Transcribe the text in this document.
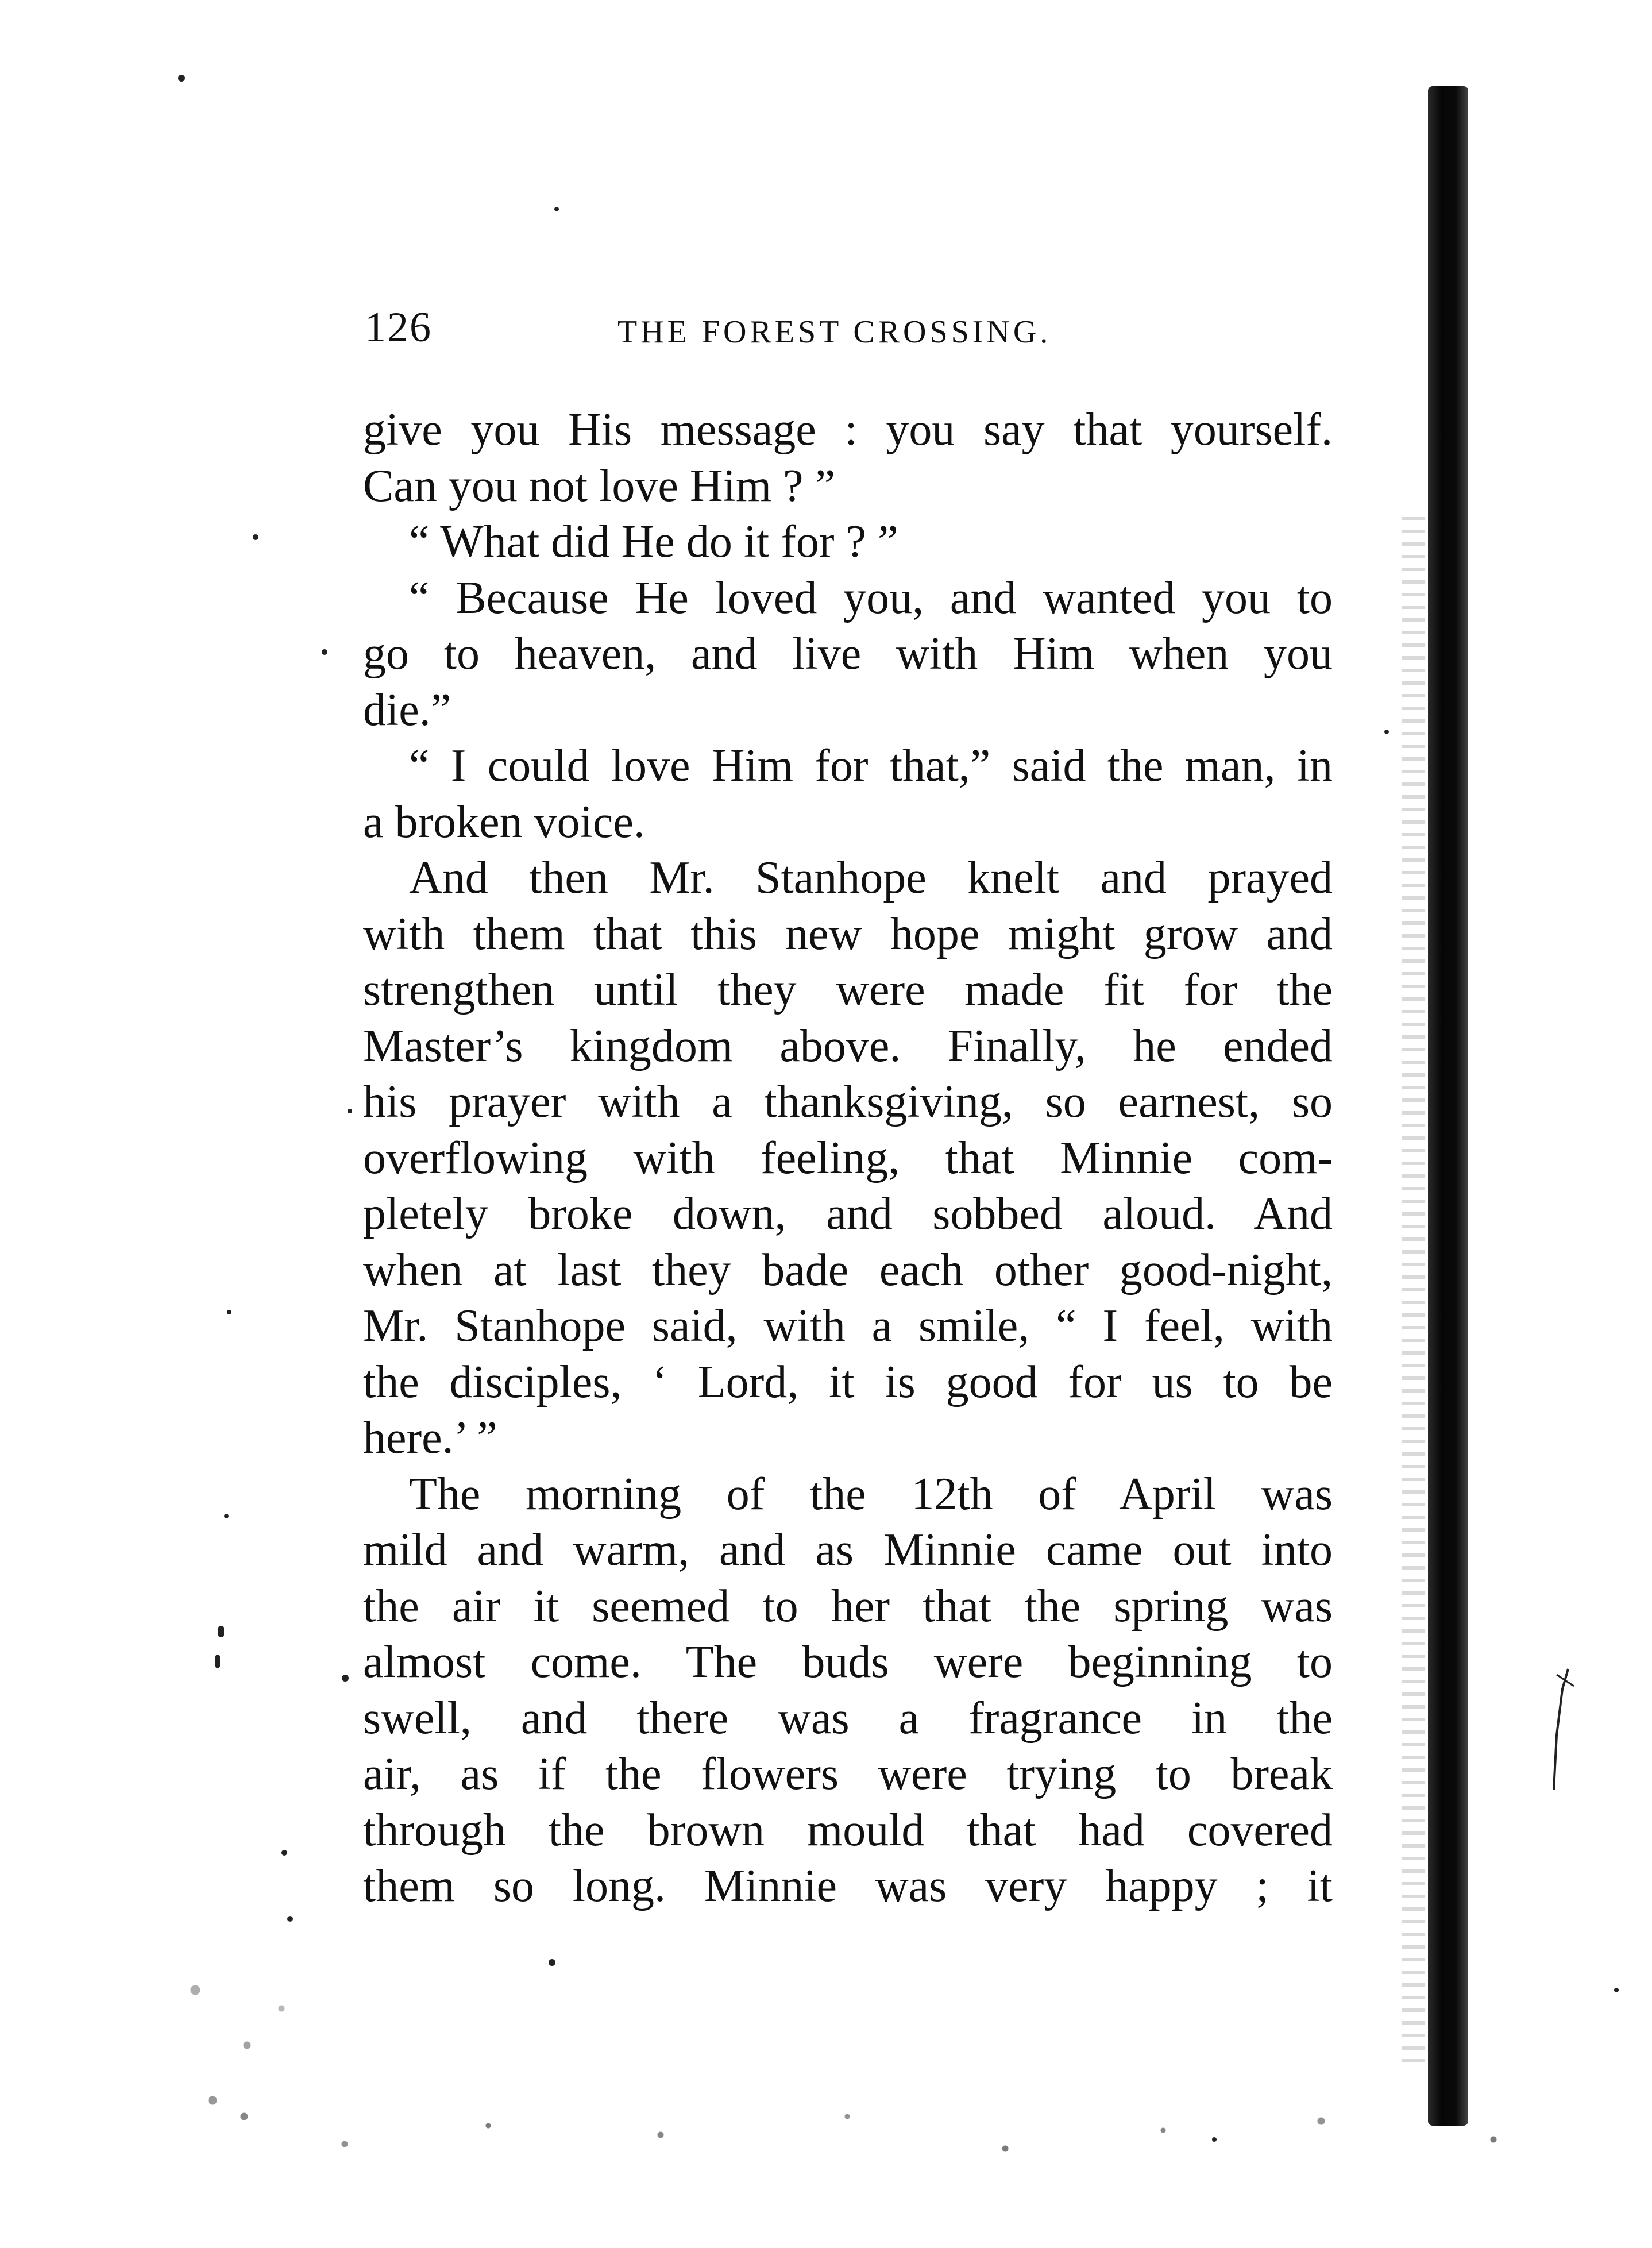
126	THE FOREST CROSSING.
give you His message : you say that yourself.
Can you not love Him ? ”
“ What did He do it for ? ”
“ Because He loved you, and wanted you to
go to heaven, and live with Him when you
die.”
“ I could love Him for that,” said the man, in
a broken voice.
And then Mr. Stanhope knelt and prayed
with them that this new hope might grow and
strengthen until they were made fit for the
Master’s kingdom above. Finally, he ended
his prayer with a thanksgiving, so earnest, so
overflowing with feeling, that Minnie com-
pletely broke down, and sobbed aloud. And
when at last they bade each other good-night,
Mr. Stanhope said, with a smile, “ I feel, with
the disciples, ‘ Lord, it is good for us to be
here.’ ”
The morning of the 12th of April was
mild and warm, and as Minnie came out into
the air it seemed to her that the spring was
almost come. The buds were beginning to
swell, and there was a fragrance in the
air, as if the flowers were trying to break
through the brown mould that had covered
them so long. Minnie was very happy ; it
